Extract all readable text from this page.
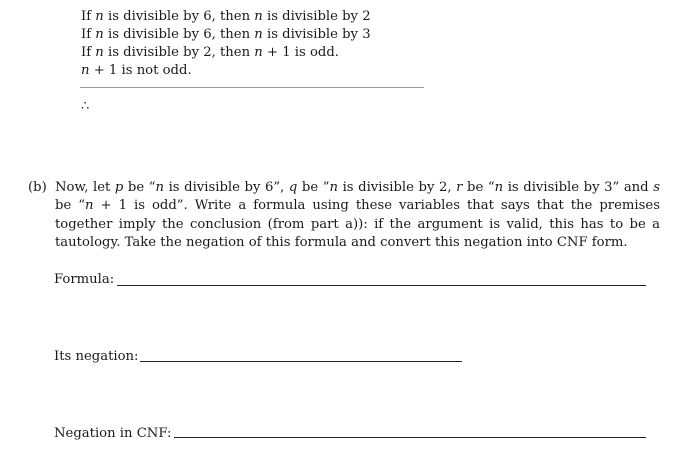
If n is divisible by 6, then n is divisible by 2
If n is divisible by 6, then n is divisible by 3
If n is divisible by 2, then n + 1 is odd.
n + 1 is not odd.
∴
(b) Now, let p be “n is divisible by 6”, q be ”n is divisible by 2, r be “n is divisible by 3” and s be “n + 1 is odd”. Write a formula using these variables that says that the premises together imply the conclusion (from part a)): if the argument is valid, this has to be a tautology. Take the negation of this formula and convert this negation into CNF form.
Formula:
Its negation:
Negation in CNF:
